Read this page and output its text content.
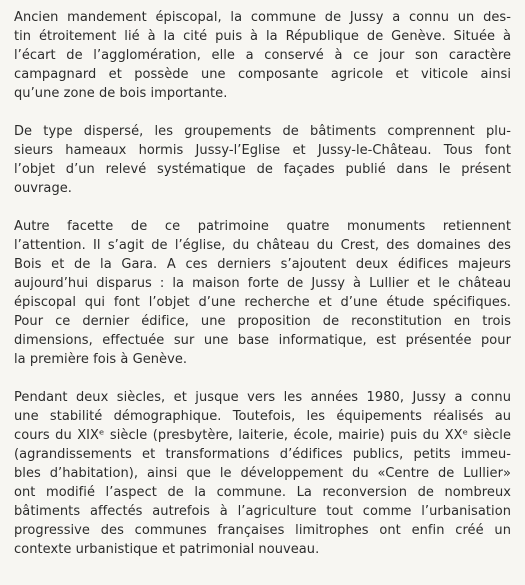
Ancien mandement épiscopal, la commune de Jussy a connu un des-
tin étroitement lié à la cité puis à la République de Genève. Située à
l’écart de l’agglomération, elle a conservé à ce jour son caractère
campagnard et possède une composante agricole et viticole ainsi
qu’une zone de bois importante.

De type dispersé, les groupements de bâtiments comprennent plu-
sieurs hameaux hormis Jussy-l’Eglise et Jussy-le-Château. Tous font
l’objet d’un relevé systématique de façades publié dans le présent
ouvrage.

Autre facette de ce patrimoine quatre monuments retiennent
l’attention. Il s’agit de l’église, du château du Crest, des domaines des
Bois et de la Gara. A ces derniers s’ajoutent deux édifices majeurs
aujourd’hui disparus : la maison forte de Jussy à Lullier et le château
épiscopal qui font l’objet d’une recherche et d’une étude spécifiques.
Pour ce dernier édifice, une proposition de reconstitution en trois
dimensions, effectuée sur une base informatique, est présentée pour
la première fois à Genève.

Pendant deux siècles, et jusque vers les années 1980, Jussy a connu
une stabilité démographique. Toutefois, les équipements réalisés au
cours du XIXᵉ siècle (presbytère, laiterie, école, mairie) puis du XXᵉ siècle
(agrandissements et transformations d’édifices publics, petits immeu-
bles d’habitation), ainsi que le développement du «Centre de Lullier»
ont modifié l’aspect de la commune. La reconversion de nombreux
bâtiments affectés autrefois à l’agriculture tout comme l’urbanisation
progressive des communes françaises limitrophes ont enfin créé un
contexte urbanistique et patrimonial nouveau.
